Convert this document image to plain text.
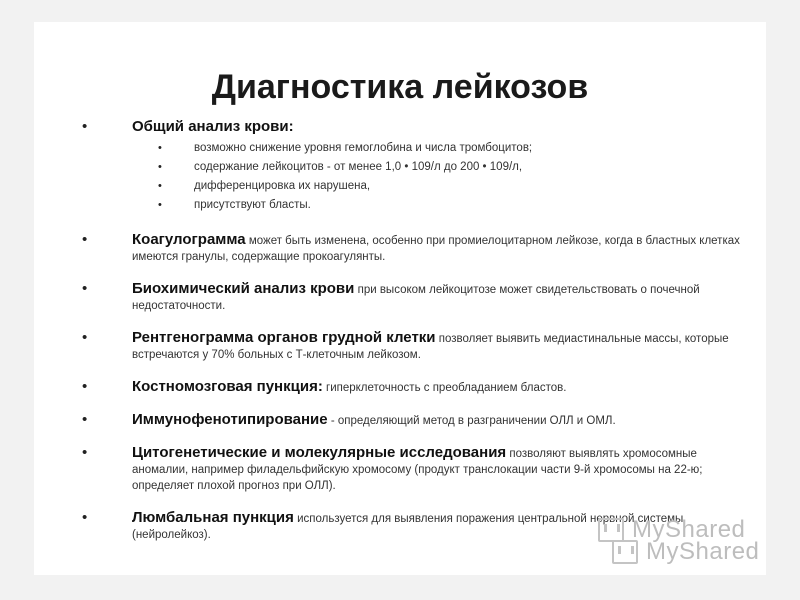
Диагностика лейкозов
• Общий анализ крови:
• возможно снижение уровня гемоглобина и числа тромбоцитов;
• содержание лейкоцитов - от менее 1,0 • 109/л до 200 • 109/л,
• дифференцировка их нарушена,
• присутствуют бласты.
• Коагулограмма может быть изменена, особенно при промиелоцитарном лейкозе, когда в бластных клетках имеются гранулы, содержащие прокоагулянты.
• Биохимический анализ крови при высоком лейкоцитозе может свидетельствовать о почечной недостаточности.
• Рентгенограмма органов грудной клетки позволяет выявить медиастинальные массы, которые встречаются у 70% больных с Т-клеточным лейкозом.
• Костномозговая пункция: гиперклеточность с преобладанием бластов.
• Иммунофенотипирование - определяющий метод в разграничении ОЛЛ и ОМЛ.
• Цитогенетические и молекулярные исследования позволяют выявлять хромосомные аномалии, например филадельфийскую хромосому (продукт транслокации части 9-й хромосомы на 22-ю; определяет плохой прогноз при ОЛЛ).
• Люмбальная пункция используется для выявления поражения центральной нервной системы (нейролейкоз).	MyShared
MyShared
